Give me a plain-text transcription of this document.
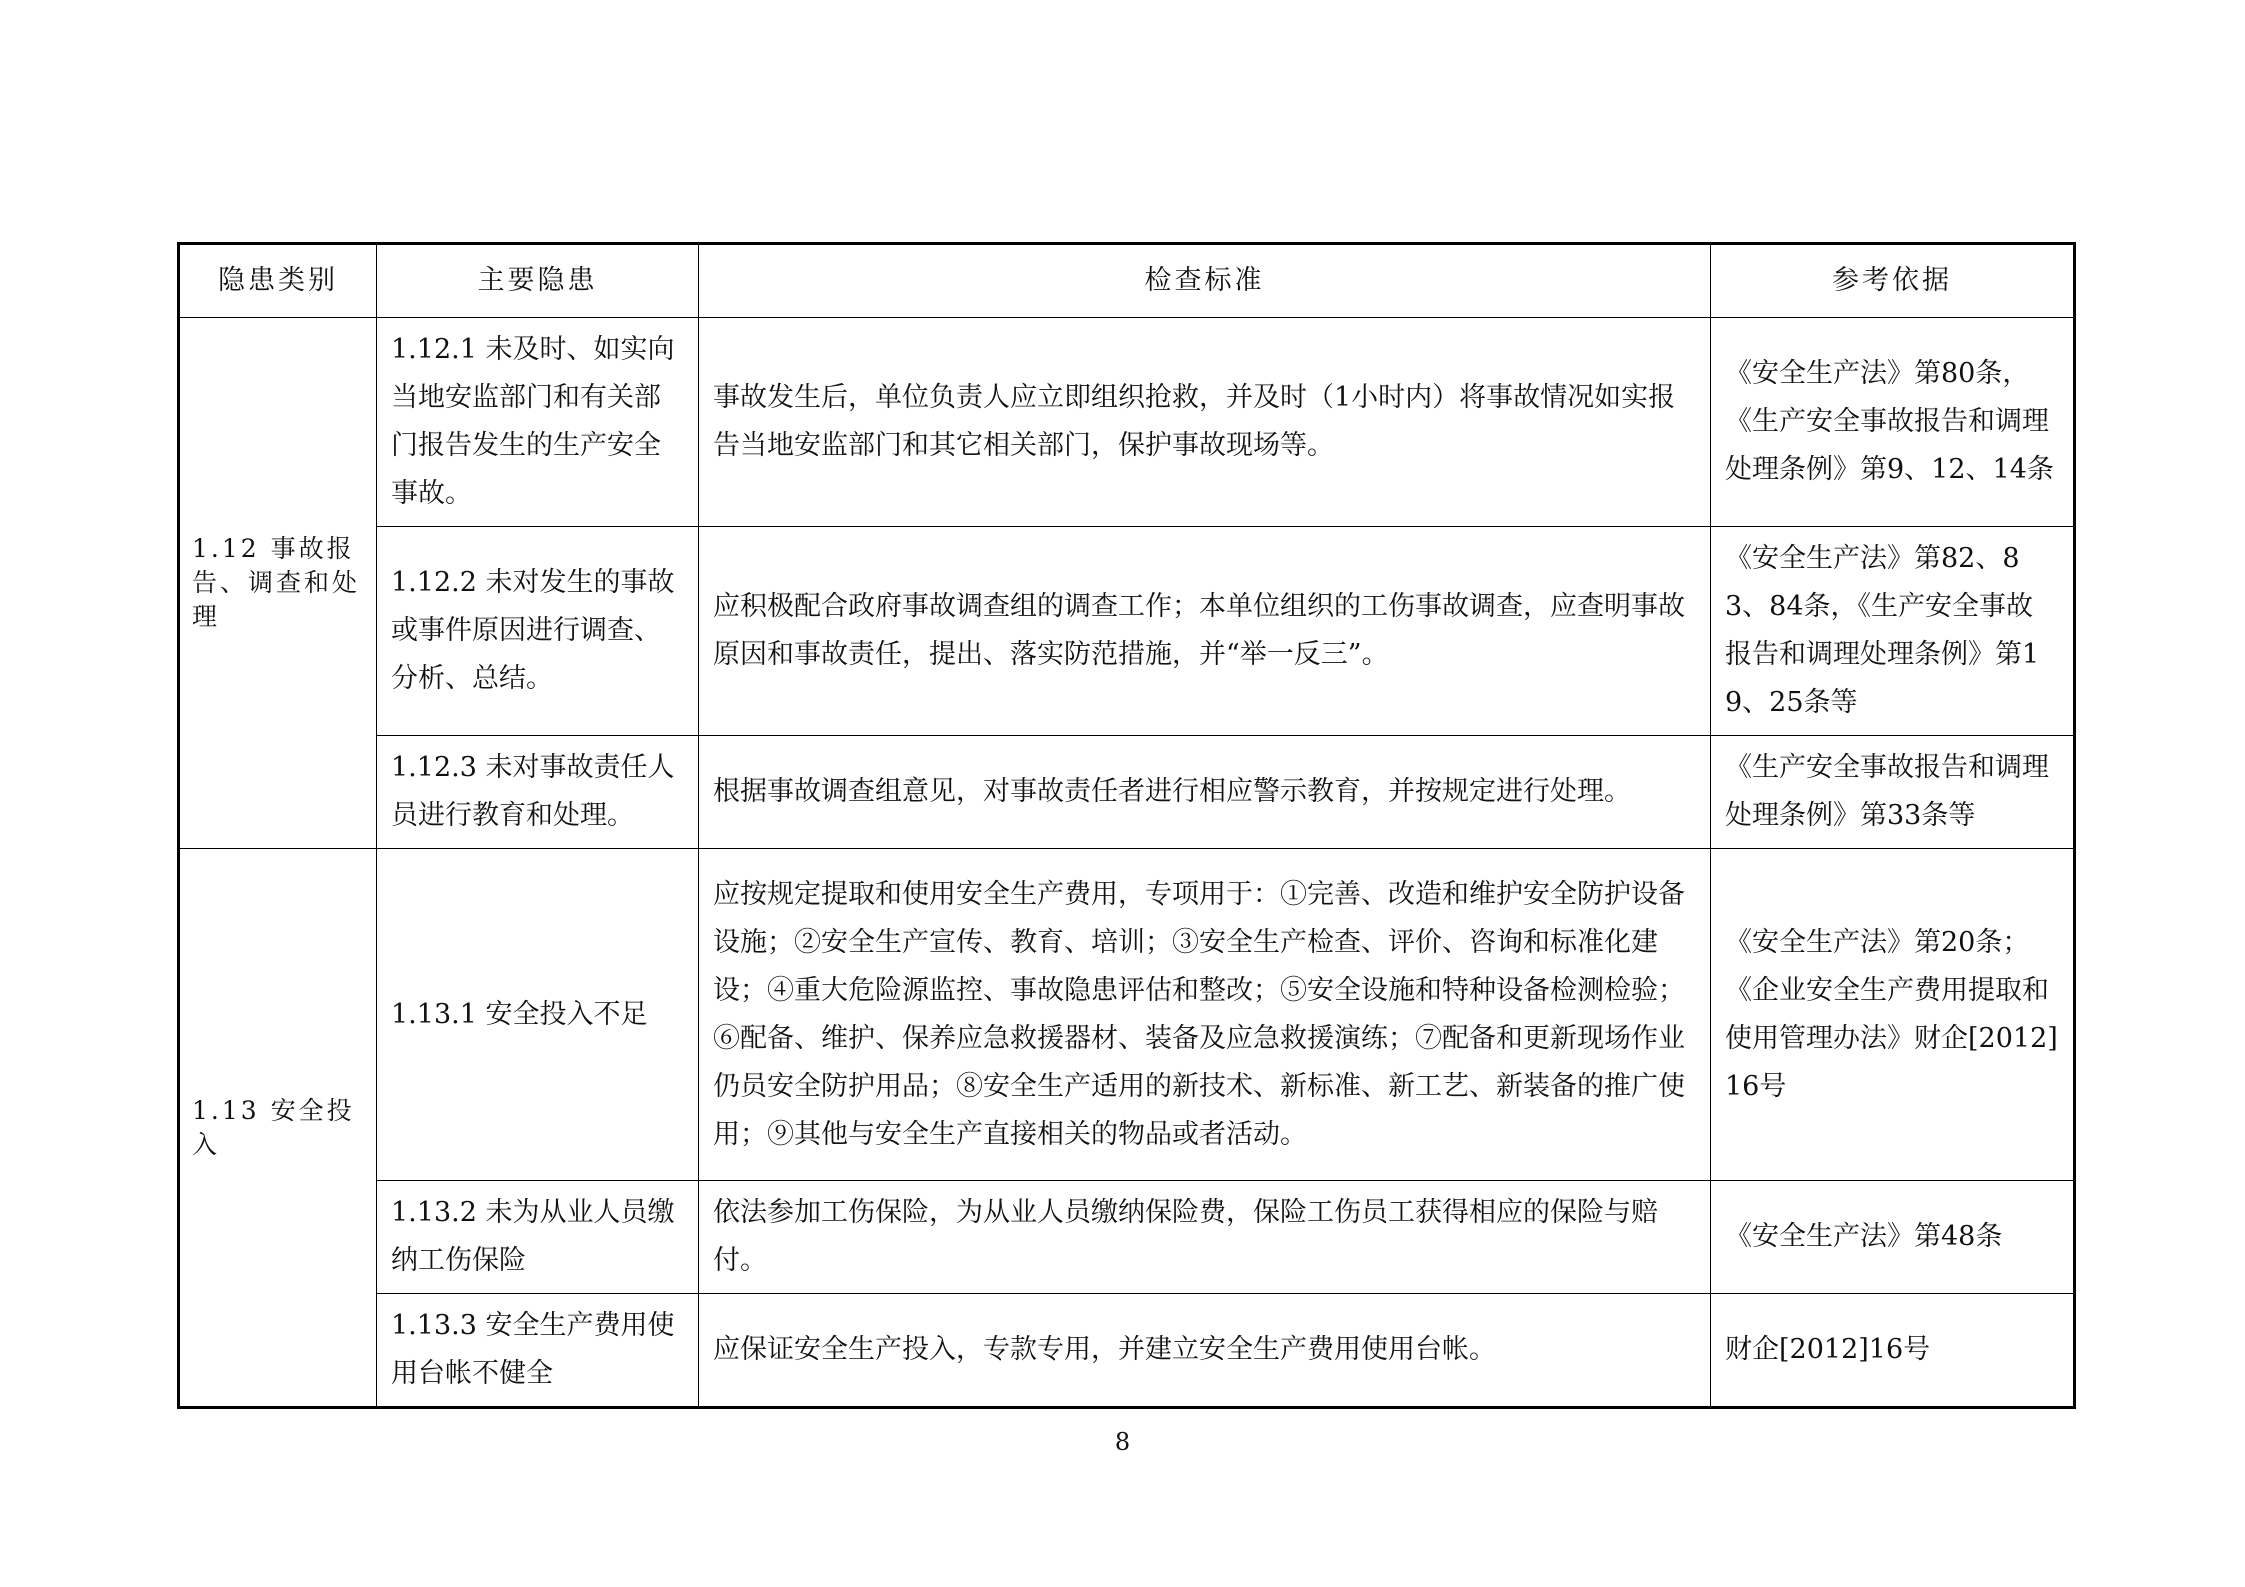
隐患类别	主要隐患	检查标准	参考依据
1.12 事故报告、调查和处理	1.12.1 未及时、如实向当地安监部门和有关部门报告发生的生产安全事故。	事故发生后，单位负责人应立即组织抢救，并及时（1小时内）将事故情况如实报告当地安监部门和其它相关部门，保护事故现场等。	《安全生产法》第80条，《生产安全事故报告和调理处理条例》第9、12、14条
	1.12.2 未对发生的事故或事件原因进行调查、分析、总结。	应积极配合政府事故调查组的调查工作；本单位组织的工伤事故调查，应查明事故原因和事故责任，提出、落实防范措施，并“举一反三”。	《安全生产法》第82、83、84条，《生产安全事故报告和调理处理条例》第19、25条等
	1.12.3 未对事故责任人员进行教育和处理。	根据事故调查组意见，对事故责任者进行相应警示教育，并按规定进行处理。	《生产安全事故报告和调理处理条例》第33条等
1.13 安全投入	1.13.1 安全投入不足	应按规定提取和使用安全生产费用，专项用于：①完善、改造和维护安全防护设备设施；②安全生产宣传、教育、培训；③安全生产检查、评价、咨询和标准化建设；④重大危险源监控、事故隐患评估和整改；⑤安全设施和特种设备检测检验；⑥配备、维护、保养应急救援器材、装备及应急救援演练；⑦配备和更新现场作业仍员安全防护用品；⑧安全生产适用的新技术、新标准、新工艺、新装备的推广使用；⑨其他与安全生产直接相关的物品或者活动。	《安全生产法》第20条；《企业安全生产费用提取和使用管理办法》财企[2012]16号
	1.13.2 未为从业人员缴纳工伤保险	依法参加工伤保险，为从业人员缴纳保险费，保险工伤员工获得相应的保险与赔付。	《安全生产法》第48条
	1.13.3 安全生产费用使用台帐不健全	应保证安全生产投入，专款专用，并建立安全生产费用使用台帐。	财企[2012]16号
8
